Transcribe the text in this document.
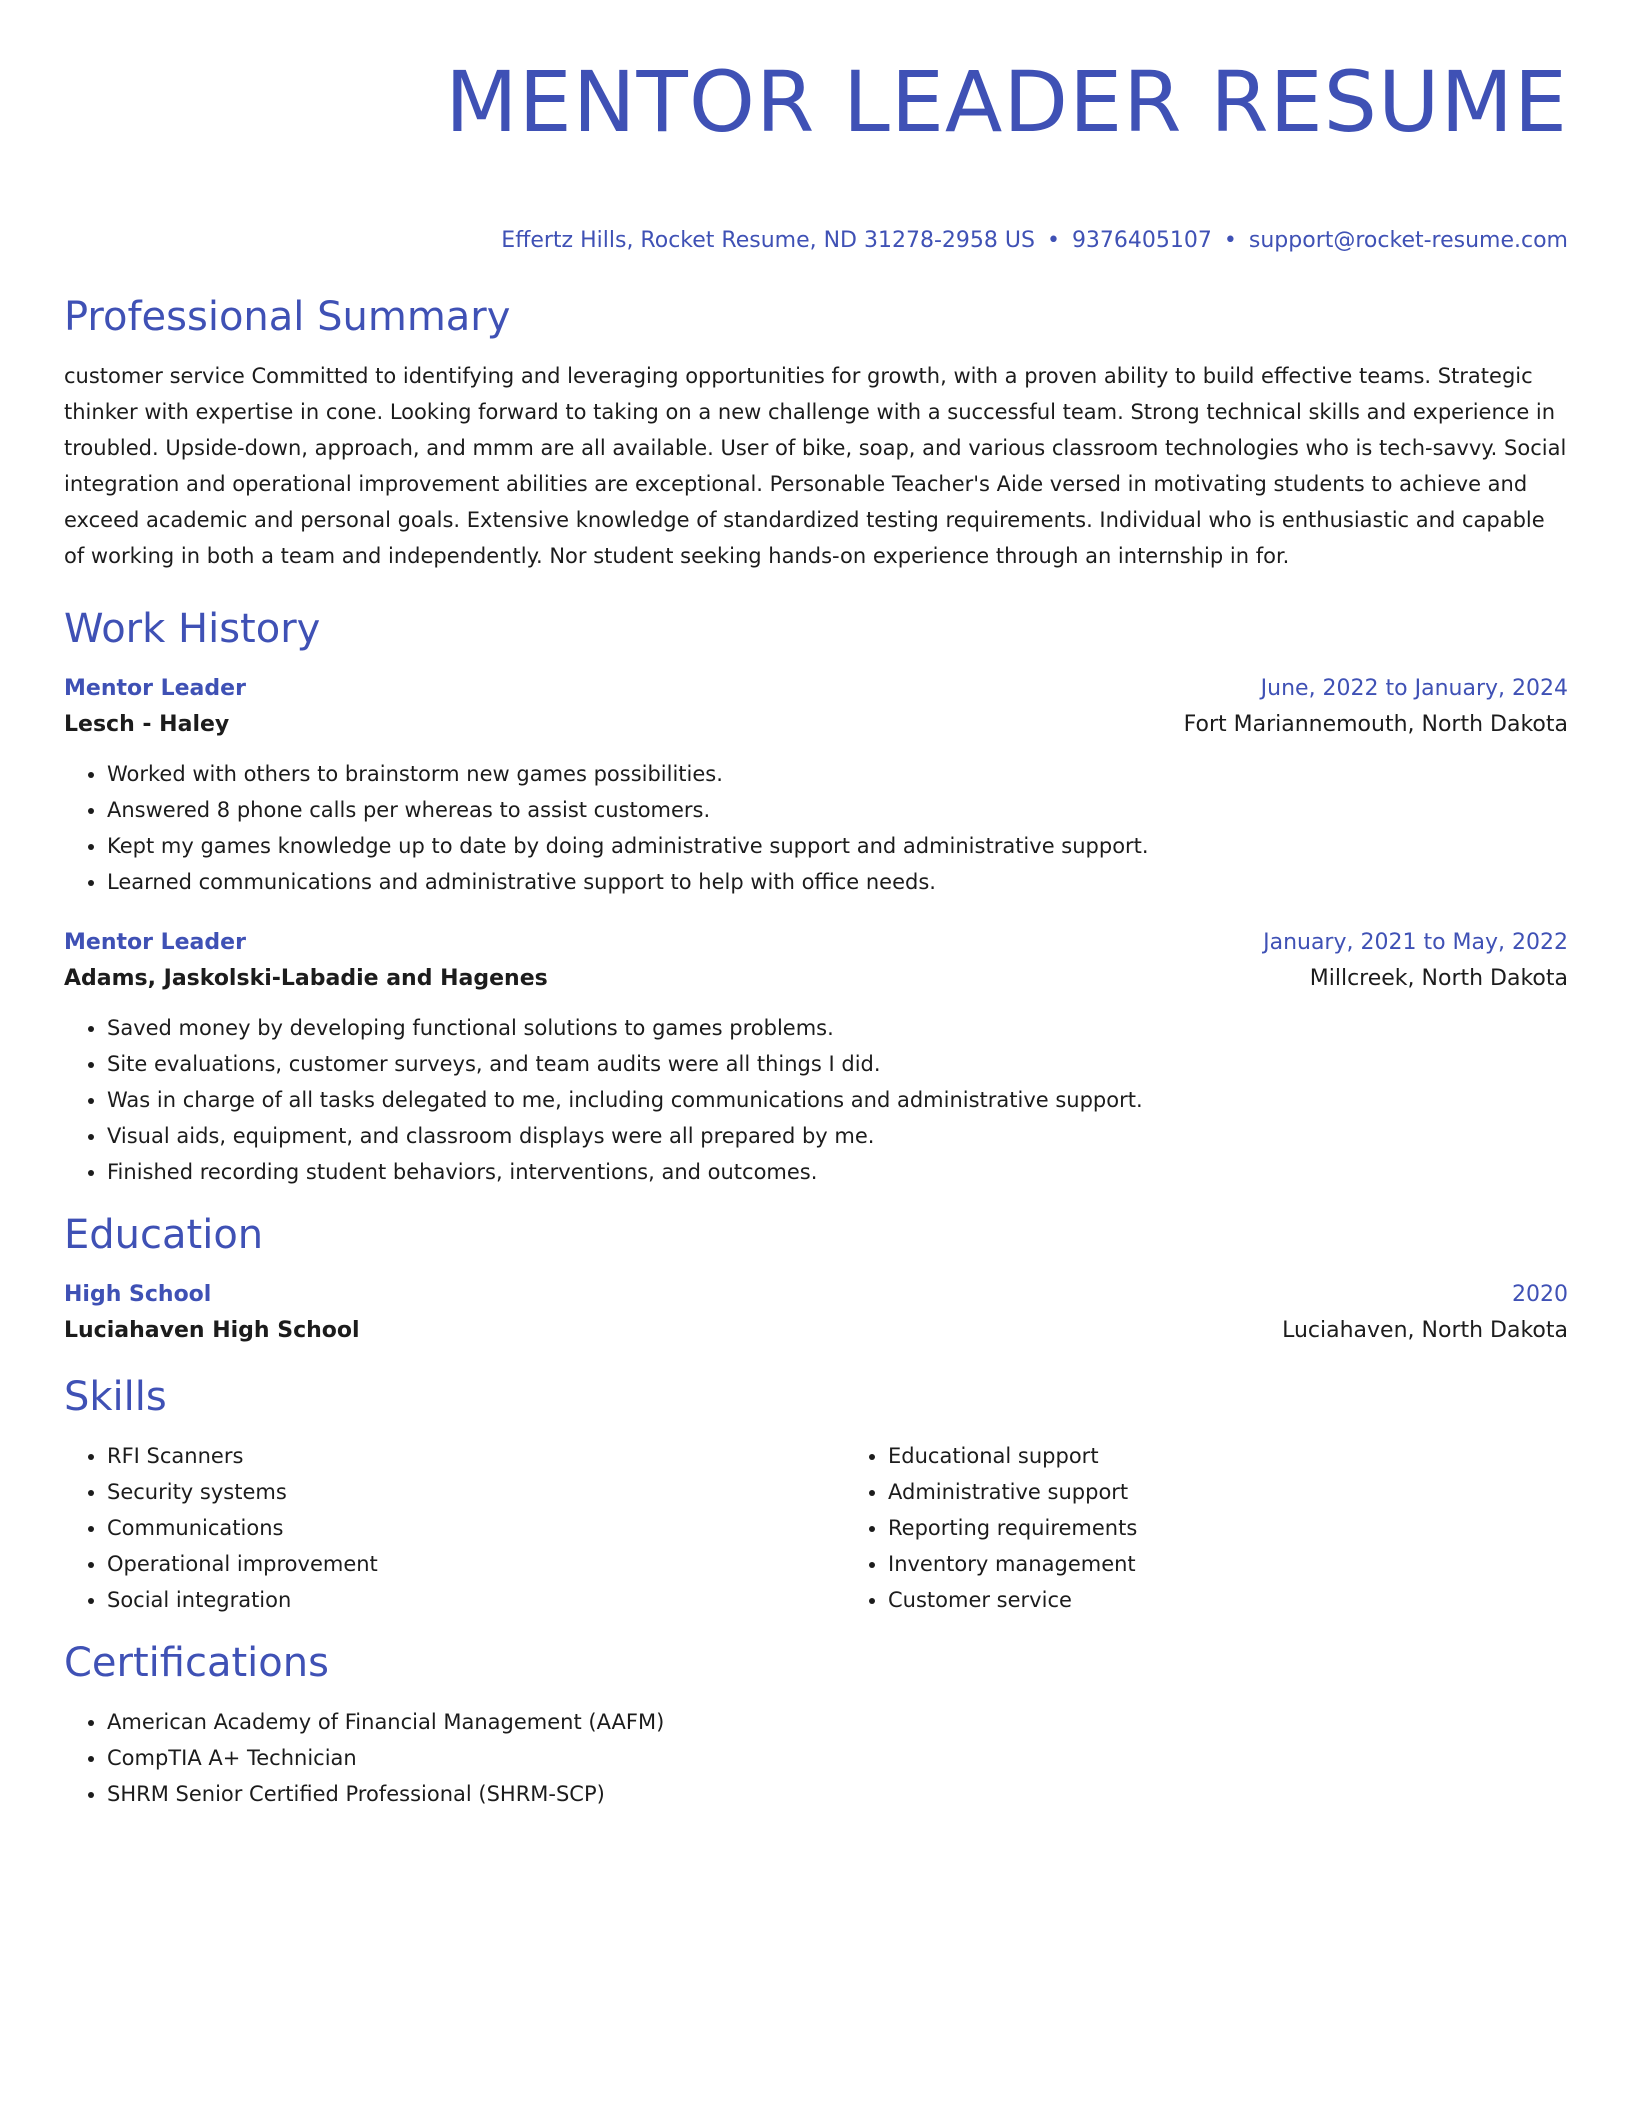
MENTOR LEADER RESUME
Effertz Hills, Rocket Resume, ND 31278-2958 US • 9376405107 • support@rocket-resume.com
Professional Summary

customer service Committed to identifying and leveraging opportunities for growth, with a proven ability to build effective teams. Strategic thinker with expertise in cone. Looking forward to taking on a new challenge with a successful team. Strong technical skills and experience in troubled. Upside-down, approach, and mmm are all available. User of bike, soap, and various classroom technologies who is tech-savvy. Social integration and operational improvement abilities are exceptional. Personable Teacher's Aide versed in motivating students to achieve and exceed academic and personal goals. Extensive knowledge of standardized testing requirements. Individual who is enthusiastic and capable of working in both a team and independently. Nor student seeking hands-on experience through an internship in for.

Work History
Mentor Leader	June, 2022 to January, 2024
Lesch - Haley	Fort Mariannemouth, North Dakota
• Worked with others to brainstorm new games possibilities.
• Answered 8 phone calls per whereas to assist customers.
• Kept my games knowledge up to date by doing administrative support and administrative support.
• Learned communications and administrative support to help with office needs.
Mentor Leader	January, 2021 to May, 2022
Adams, Jaskolski-Labadie and Hagenes	Millcreek, North Dakota
• Saved money by developing functional solutions to games problems.
• Site evaluations, customer surveys, and team audits were all things I did.
• Was in charge of all tasks delegated to me, including communications and administrative support.
• Visual aids, equipment, and classroom displays were all prepared by me.
• Finished recording student behaviors, interventions, and outcomes.
Education
High School	2020
Luciahaven High School	Luciahaven, North Dakota
Skills
• RFI Scanners
• Security systems
• Communications
• Operational improvement
• Social integration
• Educational support
• Administrative support
• Reporting requirements
• Inventory management
• Customer service
Certifications
• American Academy of Financial Management (AAFM)
• CompTIA A+ Technician
• SHRM Senior Certified Professional (SHRM-SCP)
